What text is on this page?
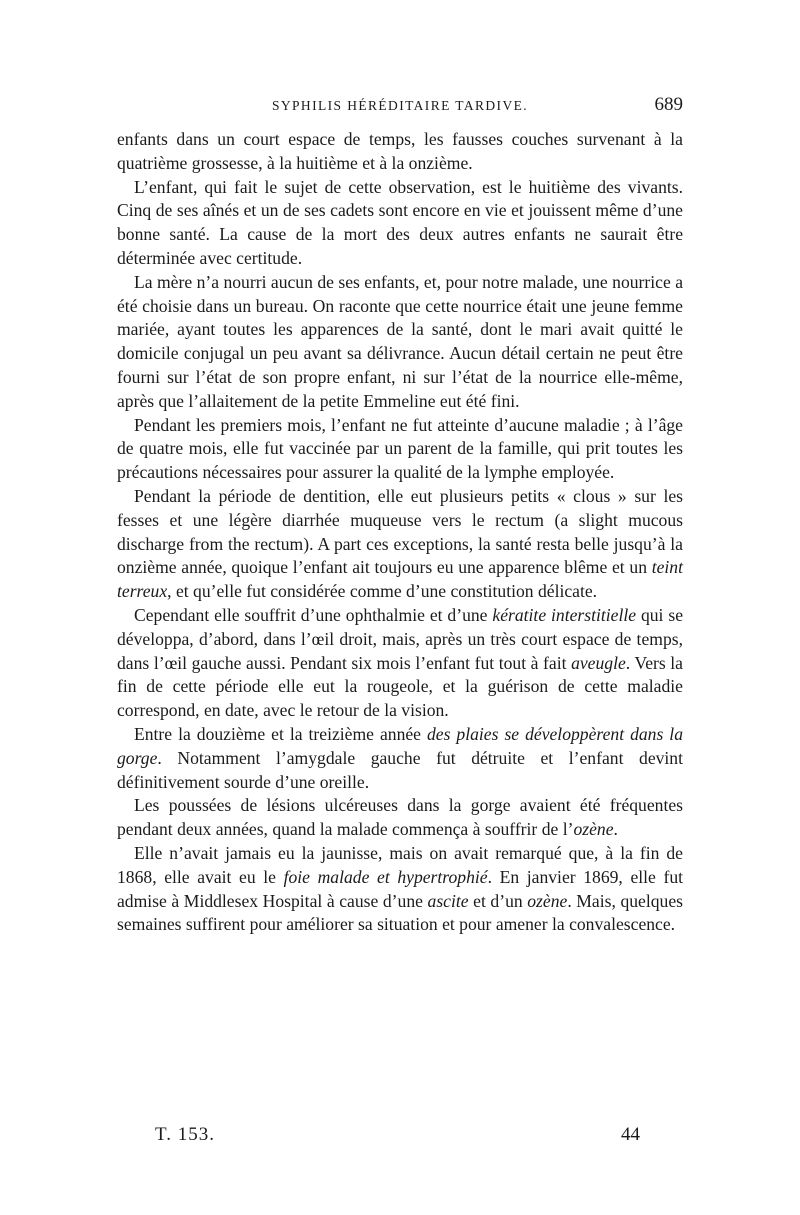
SYPHILIS HÉRÉDITAIRE TARDIVE.	689

enfants dans un court espace de temps, les fausses couches survenant à la quatrième grossesse, à la huitième et à la onzième.

L’enfant, qui fait le sujet de cette observation, est le huitième des vivants. Cinq de ses aînés et un de ses cadets sont encore en vie et jouissent même d’une bonne santé. La cause de la mort des deux autres enfants ne saurait être déterminée avec certitude.

La mère n’a nourri aucun de ses enfants, et, pour notre malade, une nourrice a été choisie dans un bureau. On raconte que cette nourrice était une jeune femme mariée, ayant toutes les apparences de la santé, dont le mari avait quitté le domicile conjugal un peu avant sa délivrance. Aucun détail certain ne peut être fourni sur l’état de son propre enfant, ni sur l’état de la nourrice elle-même, après que l’allaitement de la petite Emmeline eut été fini.

Pendant les premiers mois, l’enfant ne fut atteinte d’aucune maladie ; à l’âge de quatre mois, elle fut vaccinée par un parent de la famille, qui prit toutes les précautions nécessaires pour assurer la qualité de la lymphe employée.

Pendant la période de dentition, elle eut plusieurs petits « clous » sur les fesses et une légère diarrhée muqueuse vers le rectum (a slight mucous discharge from the rectum). A part ces exceptions, la santé resta belle jusqu’à la onzième année, quoique l’enfant ait toujours eu une apparence blême et un teint terreux, et qu’elle fut considérée comme d’une constitution délicate.

Cependant elle souffrit d’une ophthalmie et d’une kératite interstitielle qui se développa, d’abord, dans l’œil droit, mais, après un très court espace de temps, dans l’œil gauche aussi. Pendant six mois l’enfant fut tout à fait aveugle. Vers la fin de cette période elle eut la rougeole, et la guérison de cette maladie correspond, en date, avec le retour de la vision.

Entre la douzième et la treizième année des plaies se développèrent dans la gorge. Notamment l’amygdale gauche fut détruite et l’enfant devint définitivement sourde d’une oreille.

Les poussées de lésions ulcéreuses dans la gorge avaient été fréquentes pendant deux années, quand la malade commença à souffrir de l’ozène.

Elle n’avait jamais eu la jaunisse, mais on avait remarqué que, à la fin de 1868, elle avait eu le foie malade et hypertrophié. En janvier 1869, elle fut admise à Middlesex Hospital à cause d’une ascite et d’un ozène. Mais, quelques semaines suffirent pour améliorer sa situation et pour amener la convalescence.

T. 153.	44
